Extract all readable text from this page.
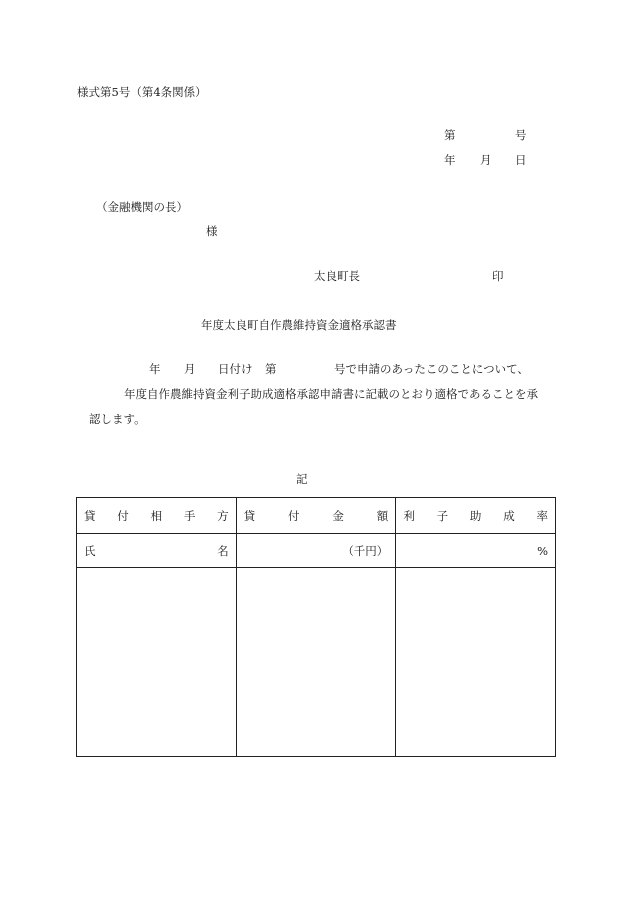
様式第5号（第4条関係）
第	号
年 月 日
（金融機関の長）
様
太良町長	印
年度太良町自作農維持資金適格承認書
年 月 日付け 第	号で申請のあったこのことについて、
年度自作農維持資金利子助成適格承認申請書に記載のとおり適格であることを承
認します。
記
貸 付 相 手 方	貸 付 金 額	利 子 助 成 率

氏 名	（千円）	%
